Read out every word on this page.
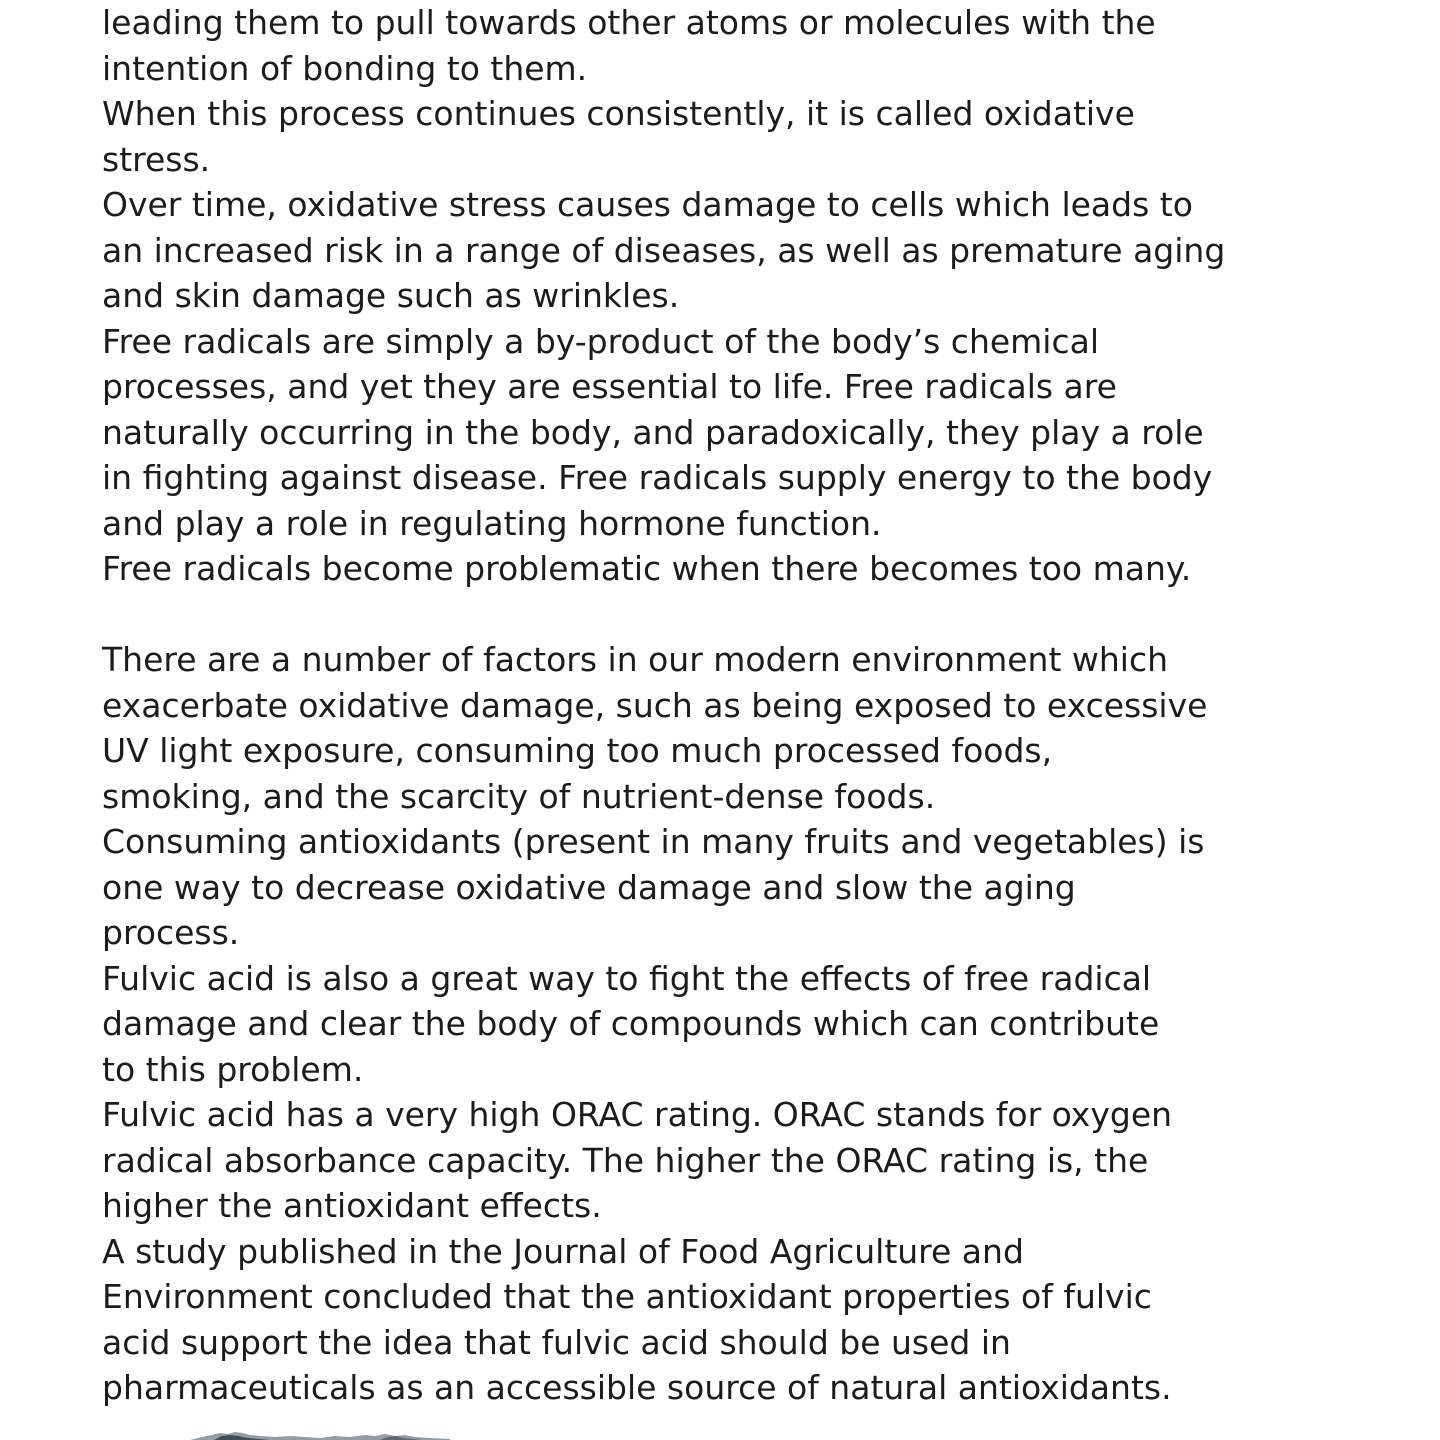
leading them to pull towards other atoms or molecules with the
intention of bonding to them.
When this process continues consistently, it is called oxidative
stress.
Over time, oxidative stress causes damage to cells which leads to
an increased risk in a range of diseases, as well as premature aging
and skin damage such as wrinkles.
Free radicals are simply a by-product of the body’s chemical
processes, and yet they are essential to life. Free radicals are
naturally occurring in the body, and paradoxically, they play a role
in fighting against disease. Free radicals supply energy to the body
and play a role in regulating hormone function.
Free radicals become problematic when there becomes too many.
There are a number of factors in our modern environment which
exacerbate oxidative damage, such as being exposed to excessive
UV light exposure, consuming too much processed foods,
smoking, and the scarcity of nutrient-dense foods.
Consuming antioxidants (present in many fruits and vegetables) is
one way to decrease oxidative damage and slow the aging
process.
Fulvic acid is also a great way to fight the effects of free radical
damage and clear the body of compounds which can contribute
to this problem.
Fulvic acid has a very high ORAC rating. ORAC stands for oxygen
radical absorbance capacity. The higher the ORAC rating is, the
higher the antioxidant effects.
A study published in the Journal of Food Agriculture and
Environment concluded that the antioxidant properties of fulvic
acid support the idea that fulvic acid should be used in
pharmaceuticals as an accessible source of natural antioxidants.
